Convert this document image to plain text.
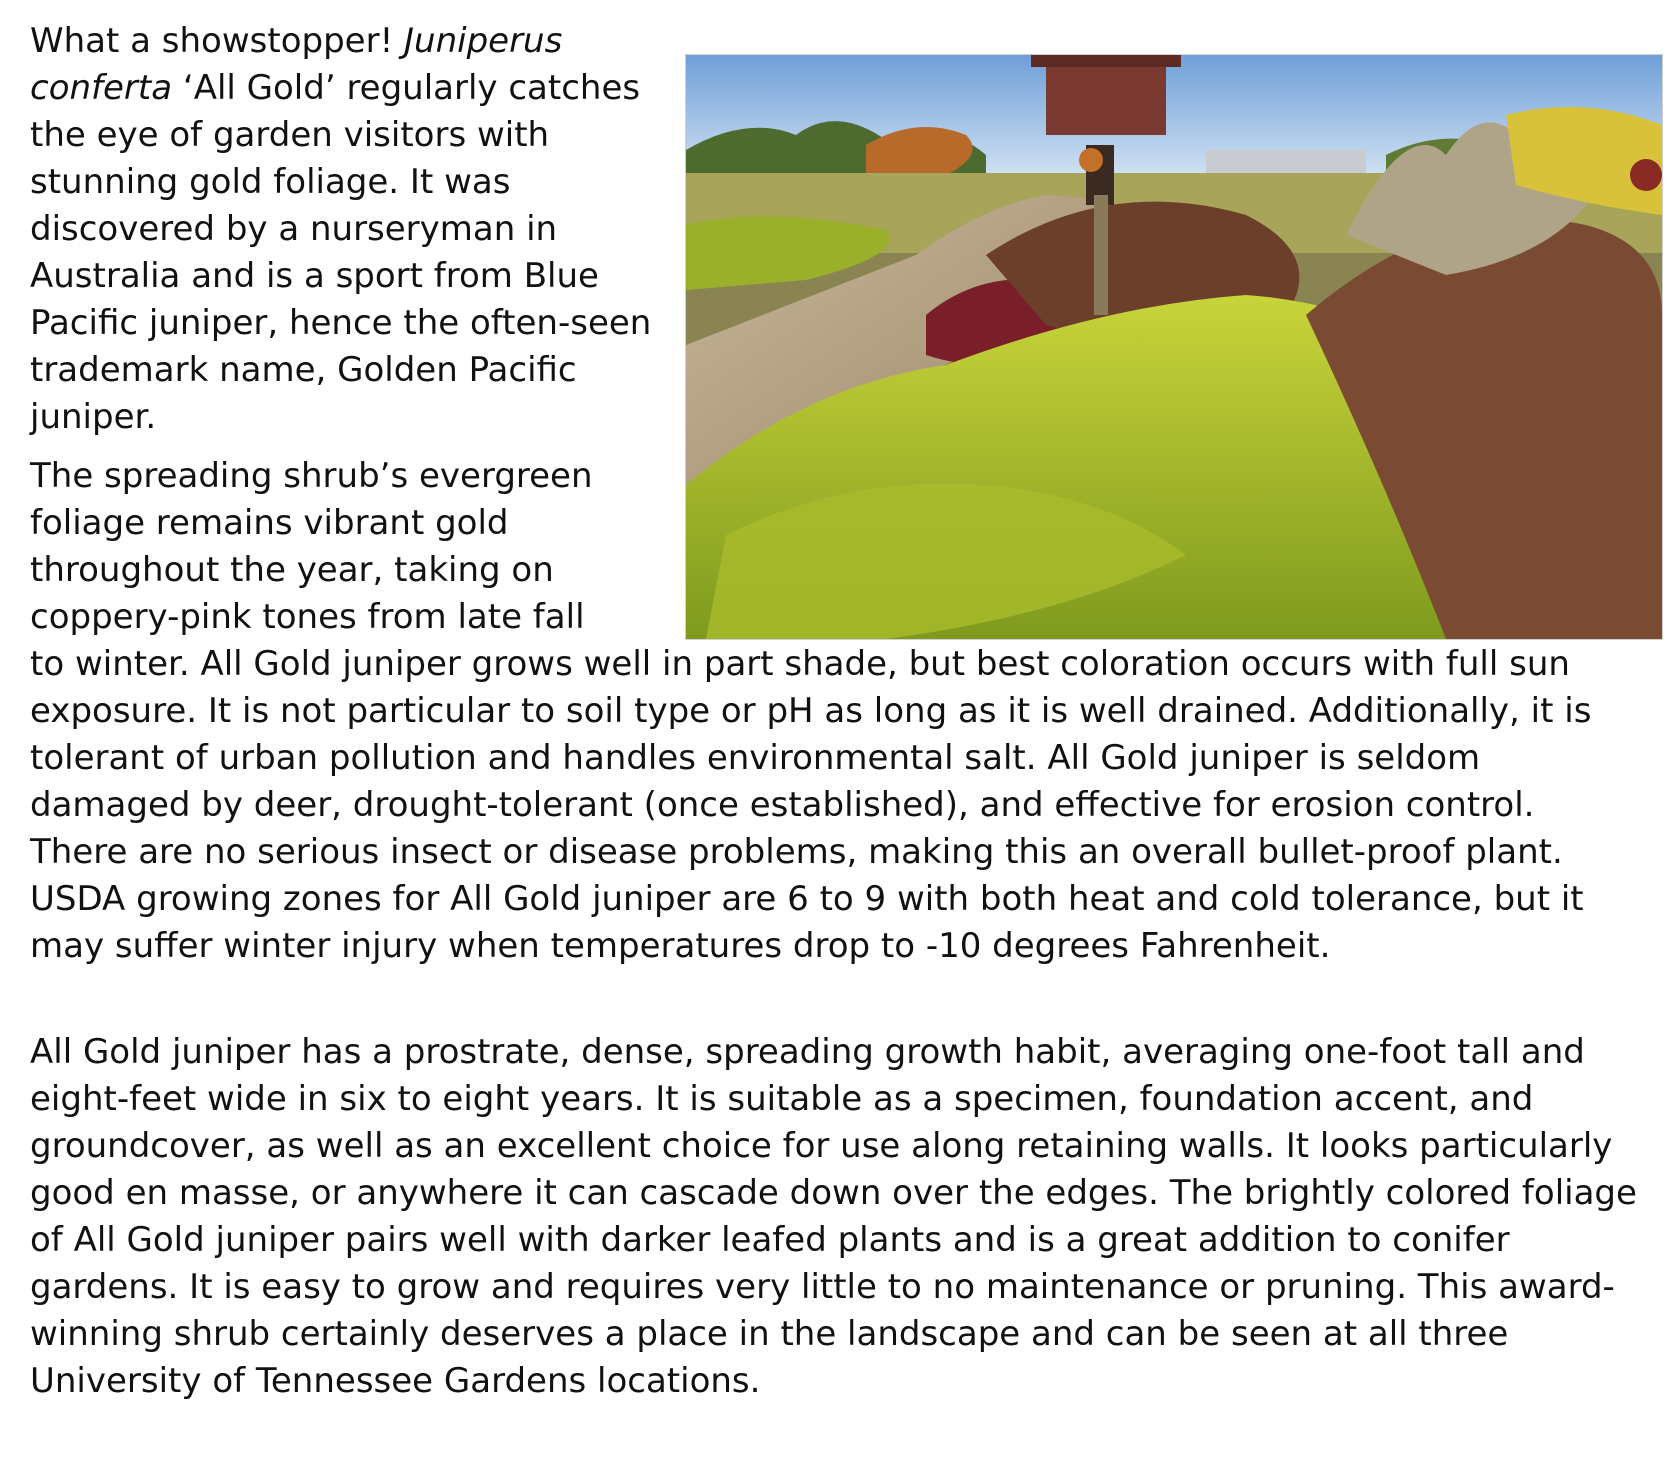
What a showstopper! Juniperus conferta ‘All Gold’ regularly catches the eye of garden visitors with stunning gold foliage. It was discovered by a nurseryman in Australia and is a sport from Blue Pacific juniper, hence the often-seen trademark name, Golden Pacific juniper.

The spreading shrub’s evergreen foliage remains vibrant gold throughout the year, taking on coppery-pink tones from late fall
to winter. All Gold juniper grows well in part shade, but best coloration occurs with full sun exposure. It is not particular to soil type or pH as long as it is well drained. Additionally, it is tolerant of urban pollution and handles environmental salt. All Gold juniper is seldom damaged by deer, drought-tolerant (once established), and effective for erosion control. There are no serious insect or disease problems, making this an overall bullet-proof plant. USDA growing zones for All Gold juniper are 6 to 9 with both heat and cold tolerance, but it may suffer winter injury when temperatures drop to -10 degrees Fahrenheit.

All Gold juniper has a prostrate, dense, spreading growth habit, averaging one-foot tall and eight-feet wide in six to eight years. It is suitable as a specimen, foundation accent, and groundcover, as well as an excellent choice for use along retaining walls. It looks particularly good en masse, or anywhere it can cascade down over the edges. The brightly colored foliage of All Gold juniper pairs well with darker leafed plants and is a great addition to conifer gardens. It is easy to grow and requires very little to no maintenance or pruning. This award-winning shrub certainly deserves a place in the landscape and can be seen at all three University of Tennessee Gardens locations.
